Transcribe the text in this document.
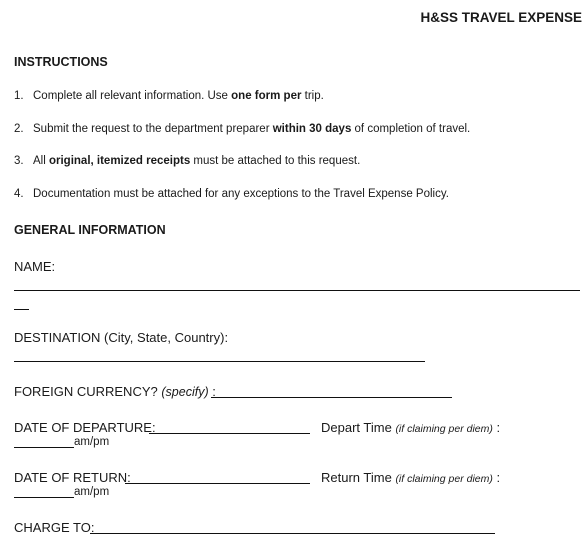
H&SS TRAVEL EXPENSE
INSTRUCTIONS
1. Complete all relevant information. Use one form per trip.
2. Submit the request to the department preparer within 30 days of completion of travel.
3. All original, itemized receipts must be attached to this request.
4. Documentation must be attached for any exceptions to the Travel Expense Policy.
GENERAL INFORMATION
NAME:
DESTINATION (City, State, Country):
FOREIGN CURRENCY? (specify) :
DATE OF DEPARTURE:	Depart Time (if claiming per diem) :
am/pm
DATE OF RETURN:	Return Time (if claiming per diem) :
am/pm
CHARGE TO:
